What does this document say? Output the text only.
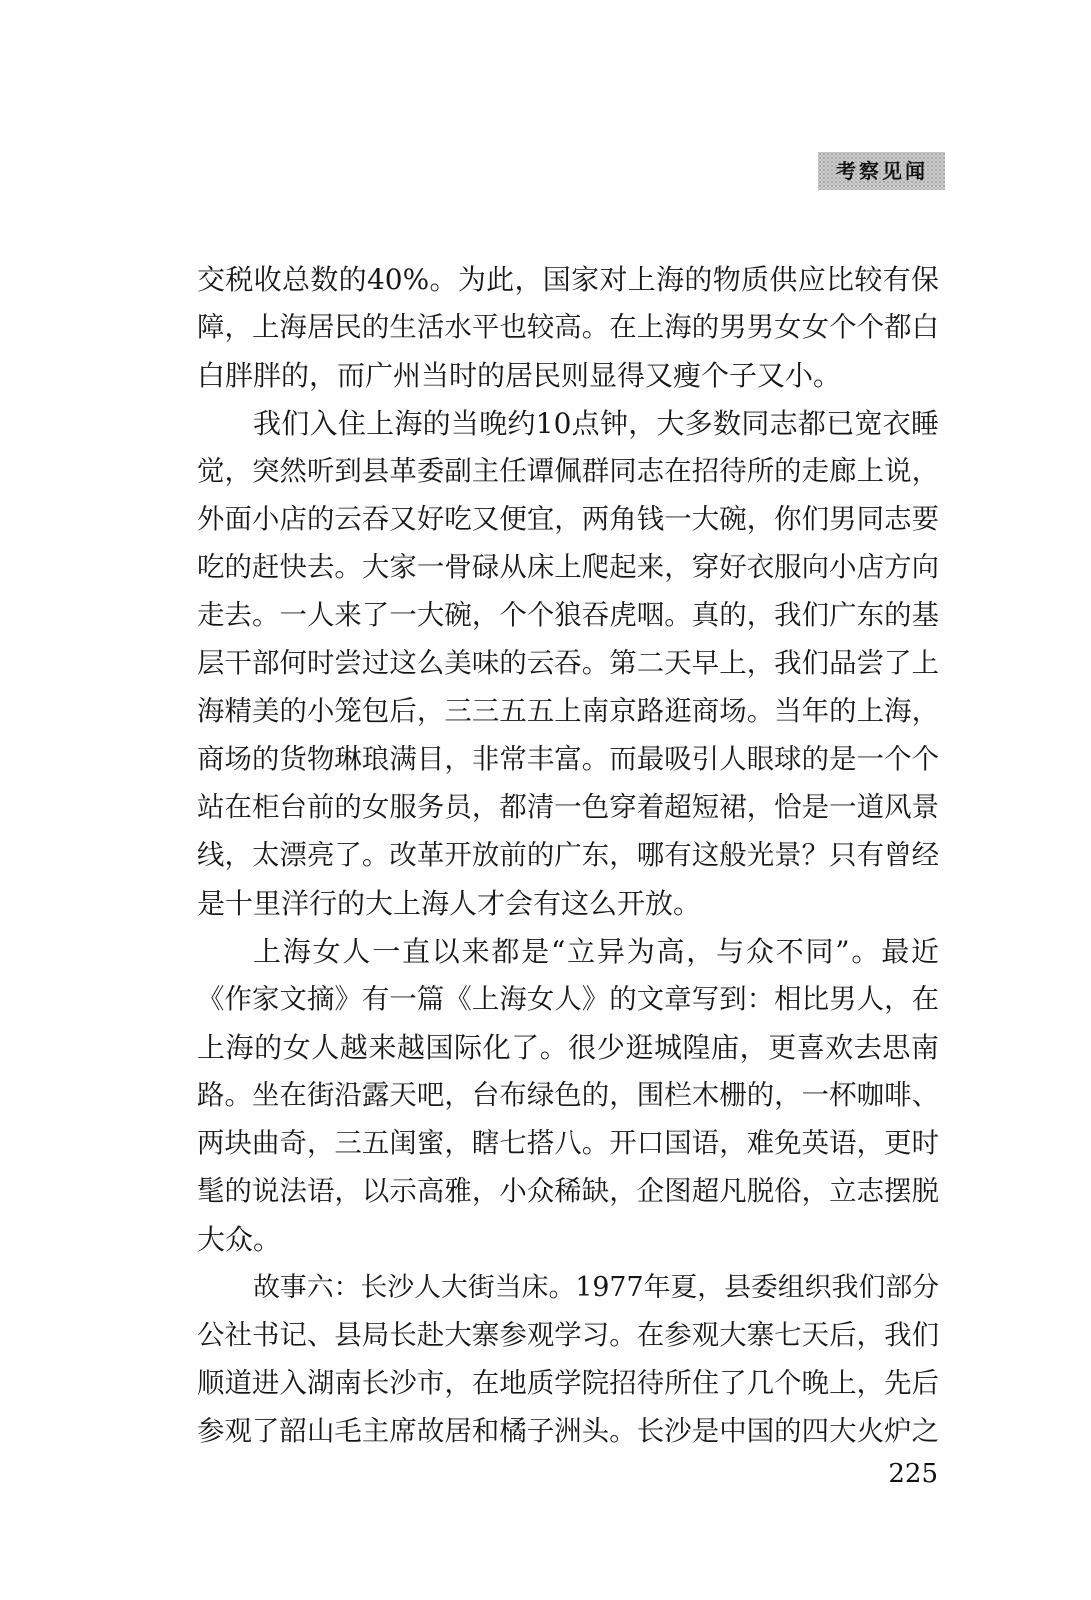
考察见闻
交税收总数的40%。为此，国家对上海的物质供应比较有保
障，上海居民的生活水平也较高。在上海的男男女女个个都白
白胖胖的，而广州当时的居民则显得又瘦个子又小。
我们入住上海的当晚约10点钟，大多数同志都已宽衣睡
觉，突然听到县革委副主任谭佩群同志在招待所的走廊上说，
外面小店的云吞又好吃又便宜，两角钱一大碗，你们男同志要
吃的赶快去。大家一骨碌从床上爬起来，穿好衣服向小店方向
走去。一人来了一大碗，个个狼吞虎咽。真的，我们广东的基
层干部何时尝过这么美味的云吞。第二天早上，我们品尝了上
海精美的小笼包后，三三五五上南京路逛商场。当年的上海，
商场的货物琳琅满目，非常丰富。而最吸引人眼球的是一个个
站在柜台前的女服务员，都清一色穿着超短裙，恰是一道风景
线，太漂亮了。改革开放前的广东，哪有这般光景？只有曾经
是十里洋行的大上海人才会有这么开放。
上海女人一直以来都是“立异为高，与众不同”。最近
《作家文摘》有一篇《上海女人》的文章写到：相比男人，在
上海的女人越来越国际化了。很少逛城隍庙，更喜欢去思南
路。坐在街沿露天吧，台布绿色的，围栏木栅的，一杯咖啡、
两块曲奇，三五闺蜜，瞎七搭八。开口国语，难免英语，更时
髦的说法语，以示高雅，小众稀缺，企图超凡脱俗，立志摆脱
大众。
故事六：长沙人大街当床。1977年夏，县委组织我们部分
公社书记、县局长赴大寨参观学习。在参观大寨七天后，我们
顺道进入湖南长沙市，在地质学院招待所住了几个晚上，先后
参观了韶山毛主席故居和橘子洲头。长沙是中国的四大火炉之
225
